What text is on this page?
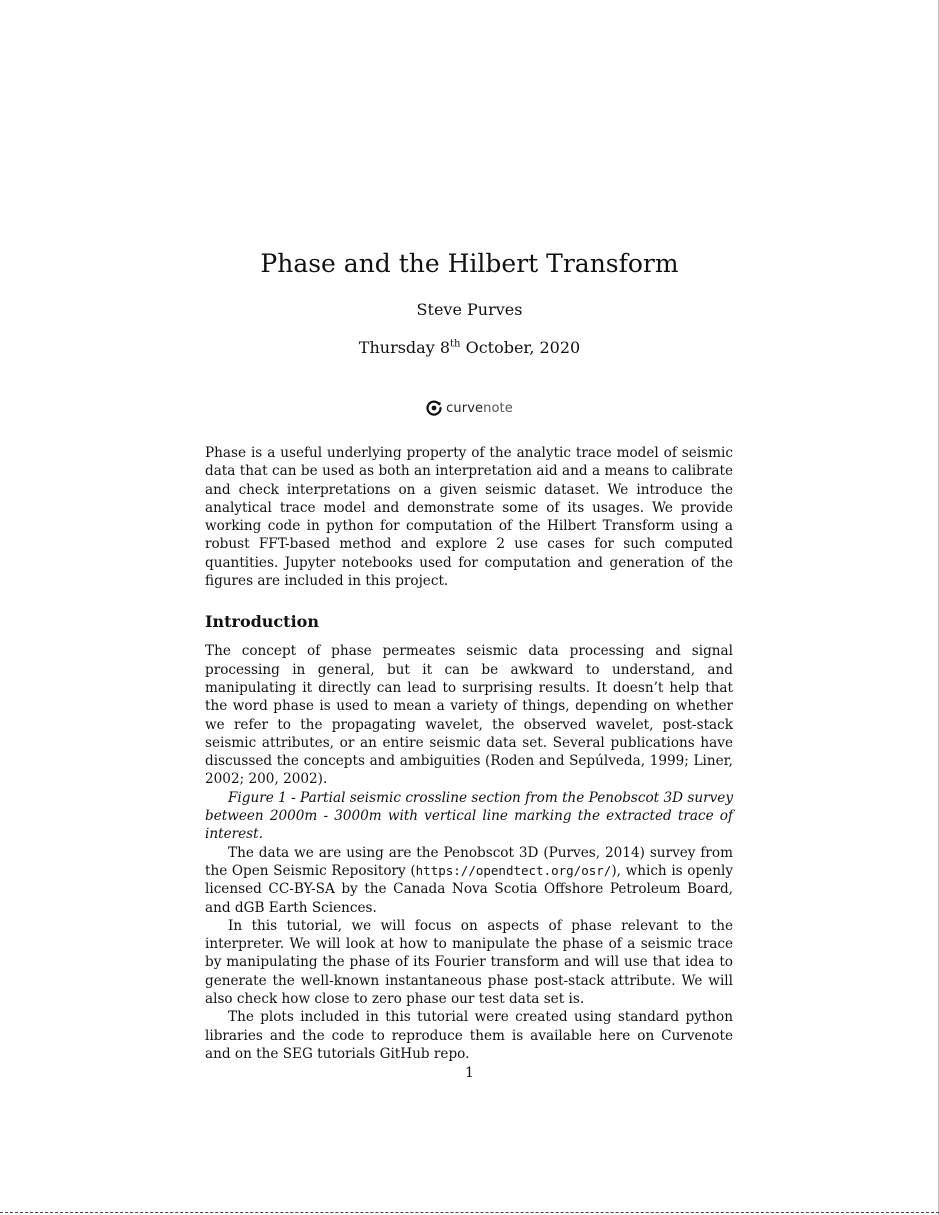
Phase and the Hilbert Transform
Steve Purves
Thursday 8th October, 2020
curvenote

Phase is a useful underlying property of the analytic trace model of seismic data that can be used as both an interpretation aid and a means to calibrate and check interpretations on a given seismic dataset. We introduce the analytical trace model and demonstrate some of its usages. We provide working code in python for computation of the Hilbert Transform using a robust FFT-based method and explore 2 use cases for such computed quantities. Jupyter notebooks used for computation and generation of the figures are included in this project.

Introduction

The concept of phase permeates seismic data processing and signal processing in general, but it can be awkward to understand, and manipulating it directly can lead to surprising results. It doesn’t help that the word phase is used to mean a variety of things, depending on whether we refer to the propagating wavelet, the observed wavelet, post-stack seismic attributes, or an entire seismic data set. Several publications have discussed the concepts and ambiguities (Roden and Sepúlveda, 1999; Liner, 2002; 200, 2002).

Figure 1 - Partial seismic crossline section from the Penobscot 3D survey between 2000m - 3000m with vertical line marking the extracted trace of interest.

The data we are using are the Penobscot 3D (Purves, 2014) survey from the Open Seismic Repository (https://opendtect.org/osr/), which is openly licensed CC-BY-SA by the Canada Nova Scotia Offshore Petroleum Board, and dGB Earth Sciences.

In this tutorial, we will focus on aspects of phase relevant to the interpreter. We will look at how to manipulate the phase of a seismic trace by manipulating the phase of its Fourier transform and will use that idea to generate the well-known instantaneous phase post-stack attribute. We will also check how close to zero phase our test data set is.

The plots included in this tutorial were created using standard python libraries and the code to reproduce them is available here on Curvenote and on the SEG tutorials GitHub repo.

1
